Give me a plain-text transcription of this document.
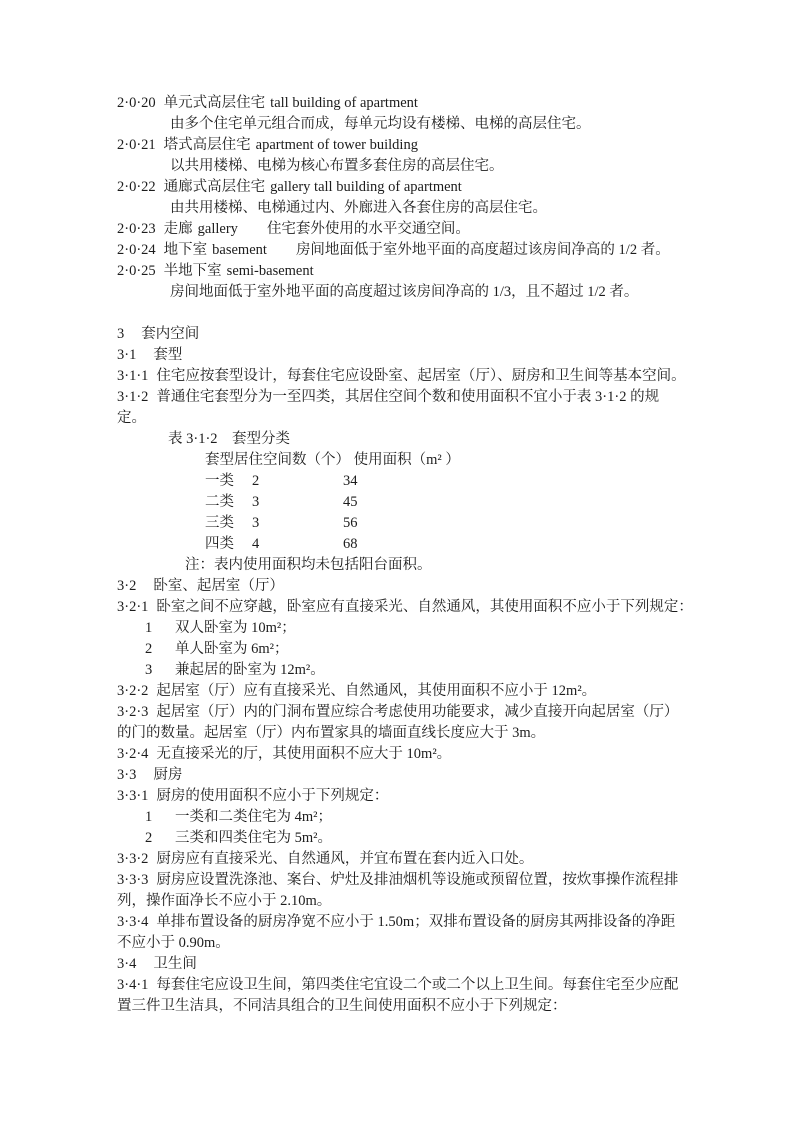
2·0·20 单元式高层住宅 tall building of apartment
由多个住宅单元组合而成，每单元均设有楼梯、电梯的高层住宅。
2·0·21 塔式高层住宅 apartment of tower building
以共用楼梯、电梯为核心布置多套住房的高层住宅。
2·0·22 通廊式高层住宅 gallery tall building of apartment
由共用楼梯、电梯通过内、外廊进入各套住房的高层住宅。
2·0·23 走廊 gallery 住宅套外使用的水平交通空间。
2·0·24 地下室 basement 房间地面低于室外地平面的高度超过该房间净高的 1/2 者。
2·0·25 半地下室 semi-basement
房间地面低于室外地平面的高度超过该房间净高的 1/3，且不超过 1/2 者。
3 套内空间
3·1 套型
3·1·1 住宅应按套型设计，每套住宅应设卧室、起居室（厅）、厨房和卫生间等基本空间。
3·1·2 普通住宅套型分为一至四类，其居住空间个数和使用面积不宜小于表 3·1·2 的规
定。
表 3·1·2　套型分类
套型居住空间数（个） 使用面积（m² ）
一类 2	34
二类 3	45
三类 3	56
四类 4	68
注：表内使用面积均未包括阳台面积。
3·2 卧室、起居室（厅）
3·2·1 卧室之间不应穿越，卧室应有直接采光、自然通风，其使用面积不应小于下列规定：
1 双人卧室为 10m²；
2 单人卧室为 6m²；
3 兼起居的卧室为 12m²。
3·2·2 起居室（厅）应有直接采光、自然通风，其使用面积不应小于 12m²。
3·2·3 起居室（厅）内的门洞布置应综合考虑使用功能要求，减少直接开向起居室（厅）
的门的数量。起居室（厅）内布置家具的墙面直线长度应大于 3m。
3·2·4 无直接采光的厅，其使用面积不应大于 10m²。
3·3 厨房
3·3·1 厨房的使用面积不应小于下列规定：
1 一类和二类住宅为 4m²；
2 三类和四类住宅为 5m²。
3·3·2 厨房应有直接采光、自然通风，并宜布置在套内近入口处。
3·3·3 厨房应设置洗涤池、案台、炉灶及排油烟机等设施或预留位置，按炊事操作流程排
列，操作面净长不应小于 2.10m。
3·3·4 单排布置设备的厨房净宽不应小于 1.50m；双排布置设备的厨房其两排设备的净距
不应小于 0.90m。
3·4 卫生间
3·4·1 每套住宅应设卫生间，第四类住宅宜设二个或二个以上卫生间。每套住宅至少应配
置三件卫生洁具，不同洁具组合的卫生间使用面积不应小于下列规定：
